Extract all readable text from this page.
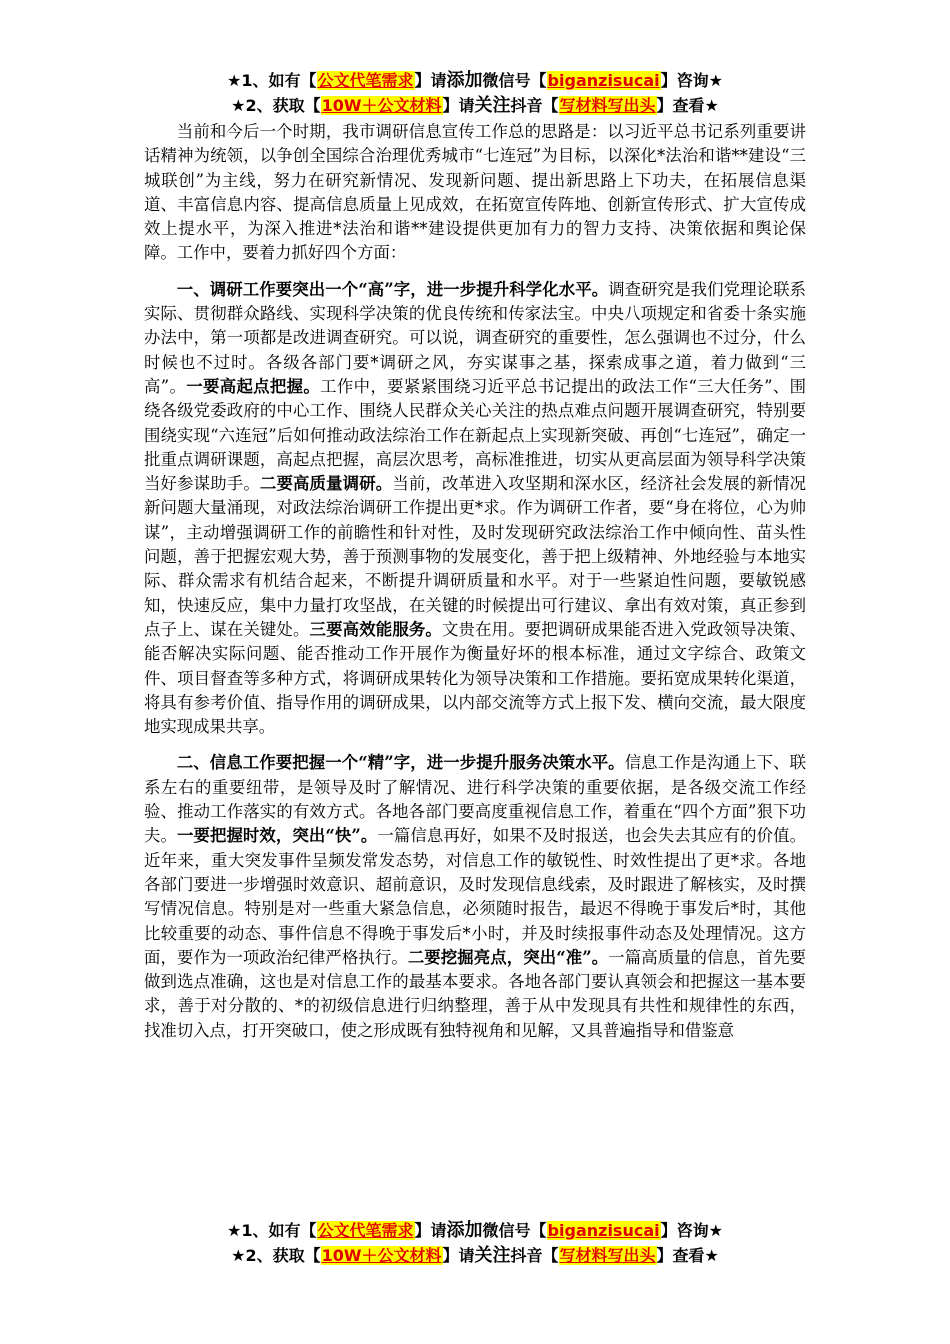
★1、如有【公文代笔需求】请添加微信号【biganzisucai】咨询★
★2、获取【10W＋公文材料】请关注抖音【写材料写出头】查看★

当前和今后一个时期，我市调研信息宣传工作总的思路是：以习近平总书记系列重要讲话精神为统领，以争创全国综合治理优秀城市“七连冠”为目标，以深化*法治和谐**建设“三城联创”为主线，努力在研究新情况、发现新问题、提出新思路上下功夫，在拓展信息渠道、丰富信息内容、提高信息质量上见成效，在拓宽宣传阵地、创新宣传形式、扩大宣传成效上提水平，为深入推进*法治和谐**建设提供更加有力的智力支持、决策依据和舆论保障。工作中，要着力抓好四个方面：

一、调研工作要突出一个“高”字，进一步提升科学化水平。调查研究是我们党理论联系实际、贯彻群众路线、实现科学决策的优良传统和传家法宝。中央八项规定和省委十条实施办法中，第一项都是改进调查研究。可以说，调查研究的重要性，怎么强调也不过分，什么时候也不过时。各级各部门要*调研之风，夯实谋事之基，探索成事之道，着力做到“三高”。一要高起点把握。工作中，要紧紧围绕习近平总书记提出的政法工作“三大任务”、围绕各级党委政府的中心工作、围绕人民群众关心关注的热点难点问题开展调查研究，特别要围绕实现“六连冠”后如何推动政法综治工作在新起点上实现新突破、再创“七连冠”，确定一批重点调研课题，高起点把握，高层次思考，高标准推进，切实从更高层面为领导科学决策当好参谋助手。二要高质量调研。当前，改革进入攻坚期和深水区，经济社会发展的新情况新问题大量涌现，对政法综治调研工作提出更*求。作为调研工作者，要“身在将位，心为帅谋”，主动增强调研工作的前瞻性和针对性，及时发现研究政法综治工作中倾向性、苗头性问题，善于把握宏观大势，善于预测事物的发展变化，善于把上级精神、外地经验与本地实际、群众需求有机结合起来，不断提升调研质量和水平。对于一些紧迫性问题，要敏锐感知，快速反应，集中力量打攻坚战，在关键的时候提出可行建议、拿出有效对策，真正参到点子上、谋在关键处。三要高效能服务。文贵在用。要把调研成果能否进入党政领导决策、能否解决实际问题、能否推动工作开展作为衡量好坏的根本标准，通过文字综合、政策文件、项目督查等多种方式，将调研成果转化为领导决策和工作措施。要拓宽成果转化渠道，将具有参考价值、指导作用的调研成果，以内部交流等方式上报下发、横向交流，最大限度地实现成果共享。

二、信息工作要把握一个“精”字，进一步提升服务决策水平。信息工作是沟通上下、联系左右的重要纽带，是领导及时了解情况、进行科学决策的重要依据，是各级交流工作经验、推动工作落实的有效方式。各地各部门要高度重视信息工作，着重在“四个方面”狠下功夫。一要把握时效，突出“快”。一篇信息再好，如果不及时报送，也会失去其应有的价值。近年来，重大突发事件呈频发常发态势，对信息工作的敏锐性、时效性提出了更*求。各地各部门要进一步增强时效意识、超前意识，及时发现信息线索，及时跟进了解核实，及时撰写情况信息。特别是对一些重大紧急信息，必须随时报告，最迟不得晚于事发后*时，其他比较重要的动态、事件信息不得晚于事发后*小时，并及时续报事件动态及处理情况。这方面，要作为一项政治纪律严格执行。二要挖掘亮点，突出“准”。一篇高质量的信息，首先要做到选点准确，这也是对信息工作的最基本要求。各地各部门要认真领会和把握这一基本要求，善于对分散的、*的初级信息进行归纳整理，善于从中发现具有共性和规律性的东西，找准切入点，打开突破口，使之形成既有独特视角和见解，又具普遍指导和借鉴意

★1、如有【公文代笔需求】请添加微信号【biganzisucai】咨询★
★2、获取【10W＋公文材料】请关注抖音【写材料写出头】查看★
